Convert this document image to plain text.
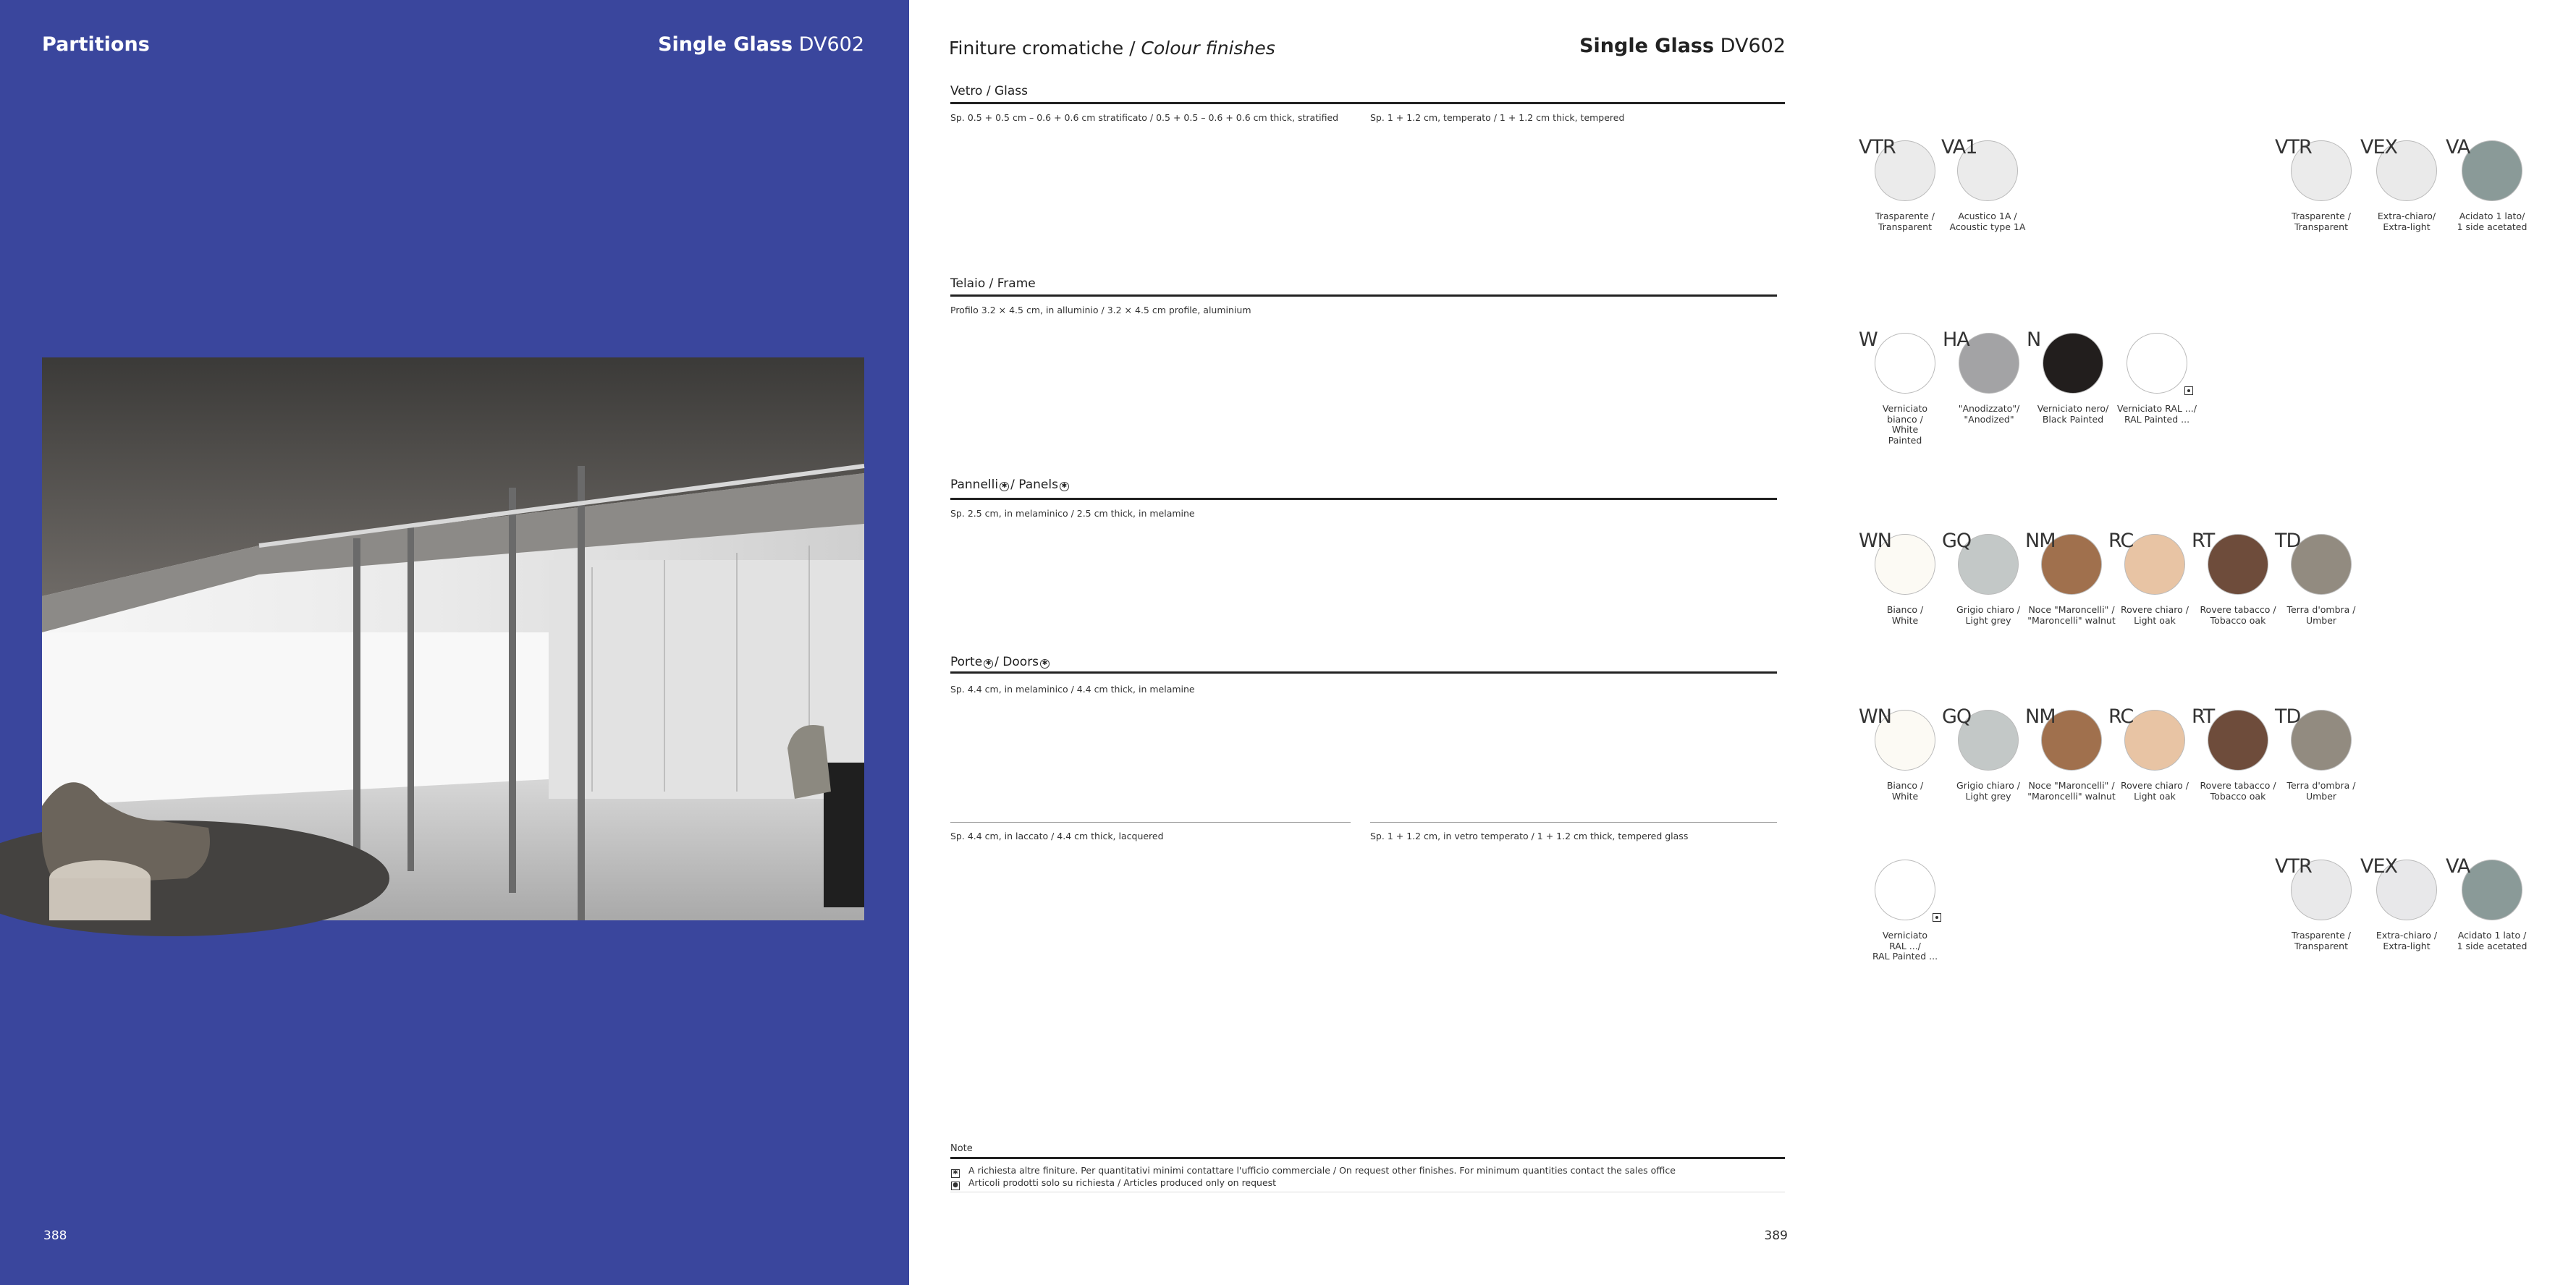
Partitions	Single Glass DV602
388
Finiture cromatiche / Colour finishes	Single Glass DV602
Vetro / Glass
Sp. 0.5 + 0.5 cm – 0.6 + 0.6 cm stratificato / 0.5 + 0.5 – 0.6 + 0.6 cm thick, stratified	Sp. 1 + 1.2 cm, temperato / 1 + 1.2 cm thick, tempered
VTR
Trasparente /
Transparent
VA1
Acustico 1A /
Acoustic type 1A
VTR
Trasparente /
Transparent
VEX
Extra-chiaro/
Extra-light
VA
Acidato 1 lato/
1 side acetated
Telaio / Frame
Profilo 3.2 × 4.5 cm, in alluminio / 3.2 × 4.5 cm profile, aluminium
W
Verniciato
bianco /
White
Painted
HA
"Anodizzato"/
"Anodized"
N
Verniciato nero/
Black Painted
Verniciato RAL .../
RAL Painted ...
Pannelli ✱ / Panels ✱
Sp. 2.5 cm, in melaminico / 2.5 cm thick, in melamine
WN
Bianco /
White
GQ
Grigio chiaro /
Light grey
NM
Noce "Maroncelli" /
"Maroncelli" walnut
RC
Rovere chiaro /
Light oak
RT
Rovere tabacco /
Tobacco oak
TD
Terra d'ombra /
Umber
Porte ✱ / Doors ✱
Sp. 4.4 cm, in melaminico / 4.4 cm thick, in melamine
WN
Bianco /
White
GQ
Grigio chiaro /
Light grey
NM
Noce "Maroncelli" /
"Maroncelli" walnut
RC
Rovere chiaro /
Light oak
RT
Rovere tabacco /
Tobacco oak
TD
Terra d'ombra /
Umber
Sp. 4.4 cm, in laccato / 4.4 cm thick, lacquered	Sp. 1 + 1.2 cm, in vetro temperato / 1 + 1.2 cm thick, tempered glass
Verniciato
RAL .../
RAL Painted ...
VTR
Trasparente /
Transparent
VEX
Extra-chiaro /
Extra-light
VA
Acidato 1 lato /
1 side acetated
Note
✱ A richiesta altre finiture. Per quantitativi minimi contattare l'ufficio commerciale / On request other finishes. For minimum quantities contact the sales office
● Articoli prodotti solo su richiesta / Articles produced only on request
389
